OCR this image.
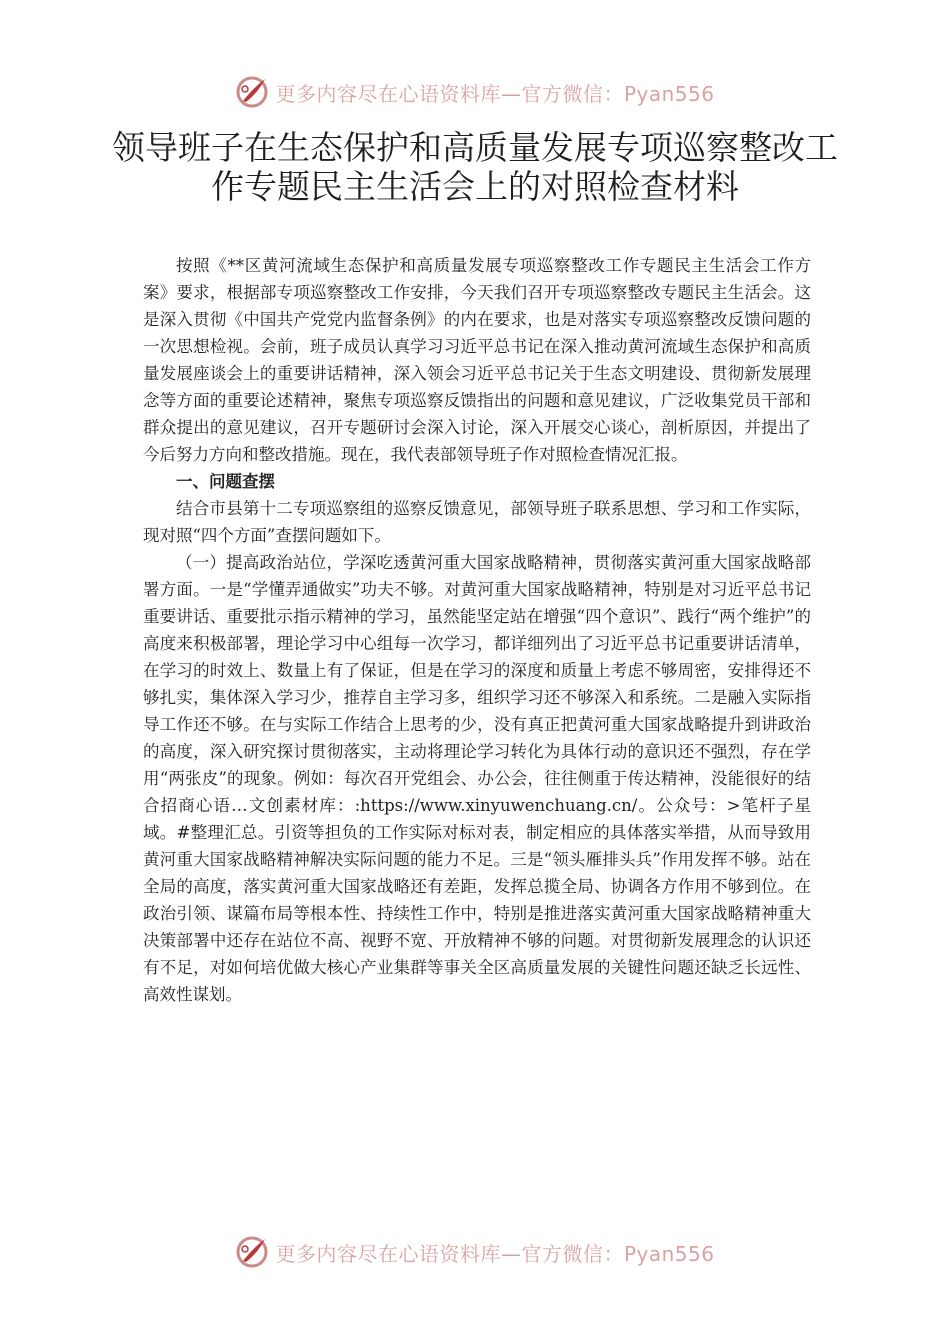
更多内容尽在心语资料库—官方微信：Pyan556
领导班子在生态保护和高质量发展专项巡察整改工作专题民主生活会上的对照检查材料

按照《**区黄河流域生态保护和高质量发展专项巡察整改工作专题民主生活会工作方案》要求，根据部专项巡察整改工作安排，今天我们召开专项巡察整改专题民主生活会。这是深入贯彻《中国共产党党内监督条例》的内在要求，也是对落实专项巡察整改反馈问题的一次思想检视。会前，班子成员认真学习习近平总书记在深入推动黄河流域生态保护和高质量发展座谈会上的重要讲话精神，深入领会习近平总书记关于生态文明建设、贯彻新发展理念等方面的重要论述精神，聚焦专项巡察反馈指出的问题和意见建议，广泛收集党员干部和群众提出的意见建议，召开专题研讨会深入讨论，深入开展交心谈心，剖析原因，并提出了今后努力方向和整改措施。现在，我代表部领导班子作对照检查情况汇报。

一、问题查摆

结合市县第十二专项巡察组的巡察反馈意见，部领导班子联系思想、学习和工作实际，现对照“四个方面”查摆问题如下。

（一）提高政治站位，学深吃透黄河重大国家战略精神，贯彻落实黄河重大国家战略部署方面。一是“学懂弄通做实”功夫不够。对黄河重大国家战略精神，特别是对习近平总书记重要讲话、重要批示指示精神的学习，虽然能坚定站在增强“四个意识”、践行“两个维护”的高度来积极部署，理论学习中心组每一次学习，都详细列出了习近平总书记重要讲话清单，在学习的时效上、数量上有了保证，但是在学习的深度和质量上考虑不够周密，安排得还不够扎实，集体深入学习少，推荐自主学习多，组织学习还不够深入和系统。二是融入实际指导工作还不够。在与实际工作结合上思考的少，没有真正把黄河重大国家战略提升到讲政治的高度，深入研究探讨贯彻落实，主动将理论学习转化为具体行动的意识还不强烈，存在学用“两张皮”的现象。例如：每次召开党组会、办公会，往往侧重于传达精神，没能很好的结合招商心语…文创素材库：:https://www.xinyuwenchuang.cn/。公众号：>笔杆子星域。#整理汇总。引资等担负的工作实际对标对表，制定相应的具体落实举措，从而导致用黄河重大国家战略精神解决实际问题的能力不足。三是“领头雁排头兵”作用发挥不够。站在全局的高度，落实黄河重大国家战略还有差距，发挥总揽全局、协调各方作用不够到位。在政治引领、谋篇布局等根本性、持续性工作中，特别是推进落实黄河重大国家战略精神重大决策部署中还存在站位不高、视野不宽、开放精神不够的问题。对贯彻新发展理念的认识还有不足，对如何培优做大核心产业集群等事关全区高质量发展的关键性问题还缺乏长远性、高效性谋划。

更多内容尽在心语资料库—官方微信：Pyan556
